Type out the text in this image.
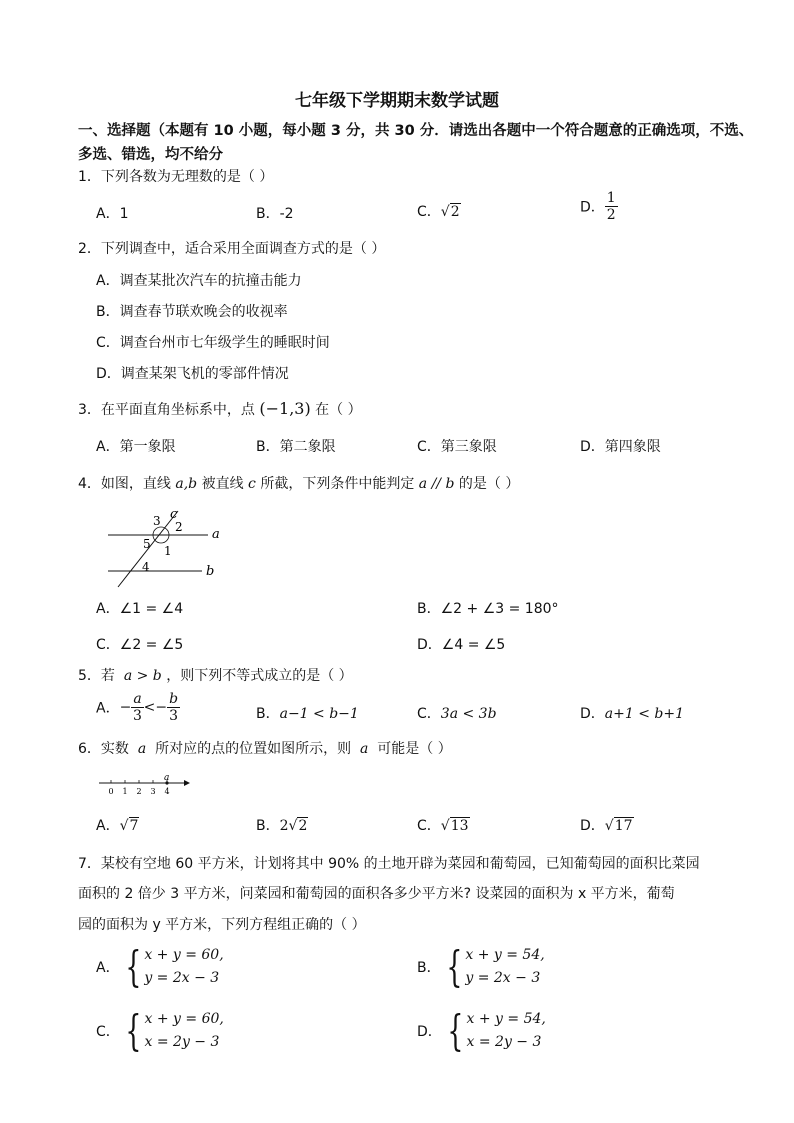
七年级下学期期末数学试题
一、选择题（本题有 10 小题，每小题 3 分，共 30 分．请选出各题中一个符合题意的正确选项，不选、多选、错选，均不给分
1．下列各数为无理数的是（ ）
A．1	B．-2	C．√2	D． $\frac{1}{2}$
2．下列调查中，适合采用全面调查方式的是（ ）
A．调查某批次汽车的抗撞击能力
B．调查春节联欢晚会的收视率
C．调查台州市七年级学生的睡眠时间
D．调查某架飞机的零部件情况
3．在平面直角坐标系中，点 (−1,3) 在（ ）
A．第一象限	B．第二象限	C．第三象限	D．第四象限
4．如图，直线 a,b 被直线 c 所截，下列条件中能判定 a // b 的是（ ）
a
b
c
1
2
3
4
5
A．∠1 = ∠4	B．∠2 + ∠3 = 180°
C．∠2 = ∠5	D．∠4 = ∠5
5．若 a > b ，则下列不等式成立的是（ ）
A．− $\frac{a}{3} <- \frac{b}{3}$	B．a−1 < b−1	C．3a < 3b	D．a+1 < b+1
6．实数 a 所对应的点的位置如图所示，则 a 可能是（ ）
0 1 2 3 4
a
A．√7	B．2√2	C．√13	D．√17
7．某校有空地 60 平方米，计划将其中 90% 的土地开辟为菜园和葡萄园，已知葡萄园的面积比菜园
面积的 2 倍少 3 平方米，问菜园和葡萄园的面积各多少平方米? 设菜园的面积为 x 平方米，葡萄
园的面积为 y 平方米，下列方程组正确的（ ）
A． { x + y = 60,
y = 2x − 3
B． { x + y = 54,
y = 2x − 3
C． { x + y = 60,
x = 2y − 3
D． { x + y = 54,
x = 2y − 3
